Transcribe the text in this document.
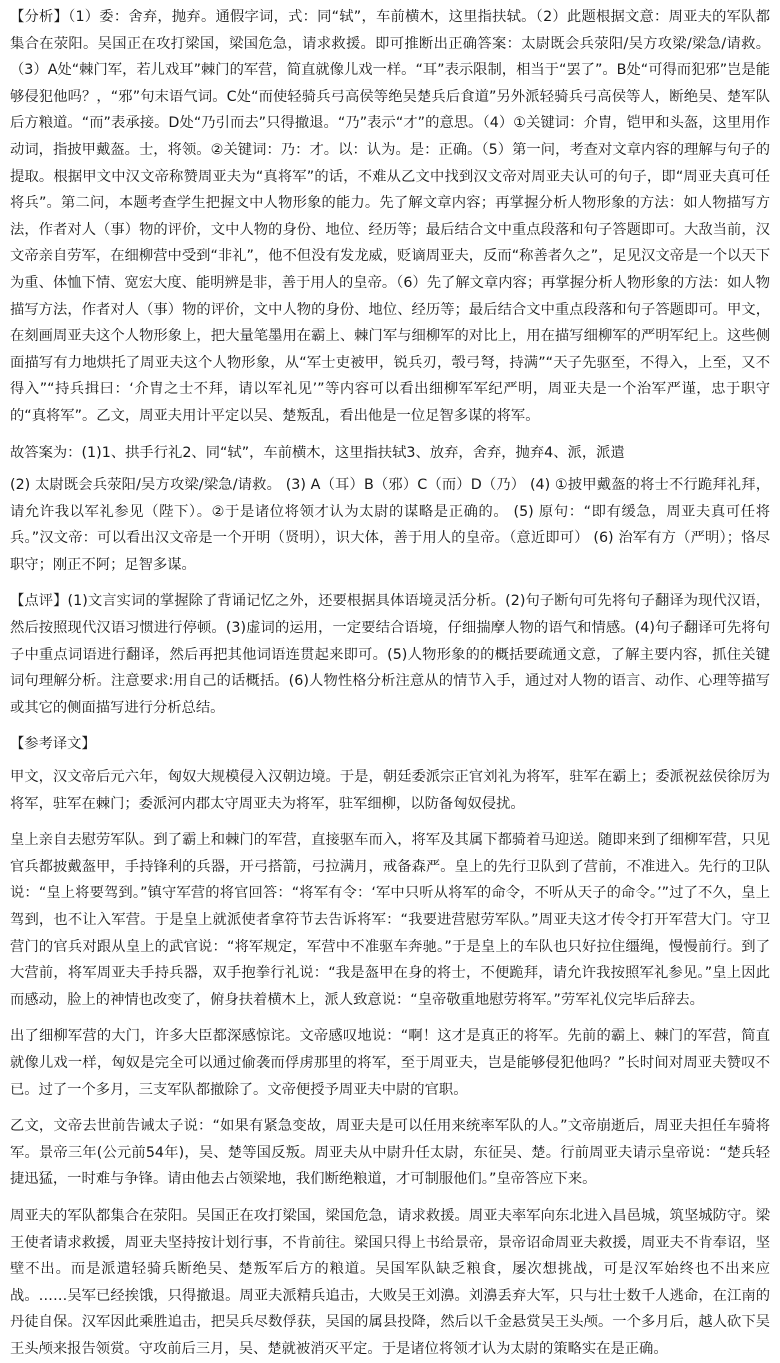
【分析】（1）委：舍弃，抛弃。通假字词，式：同“轼”，车前横木，这里指扶轼。（2）此题根据文意：周亚夫的军队都集合在荥阳。吴国正在攻打梁国，梁国危急，请求救援。即可推断出正确答案：太尉既会兵荥阳/吴方攻梁/梁急/请救。（3）A处“棘门军，若儿戏耳”棘门的军营，简直就像儿戏一样。“耳”表示限制，相当于“罢了”。B处“可得而犯邪”岂是能够侵犯他吗？，“邪”句末语气词。C处“而使轻骑兵弓高侯等绝吴楚兵后食道”另外派轻骑兵弓高侯等人，断绝吴、楚军队后方粮道。“而”表承接。D处“乃引而去”只得撤退。“乃”表示“才”的意思。（4）①关键词：介胄，铠甲和头盔，这里用作动词，指披甲戴盔。士，将领。②关键词：乃：才。以：认为。是：正确。（5）第一问，考查对文章内容的理解与句子的提取。根据甲文中汉文帝称赞周亚夫为“真将军”的话，不难从乙文中找到汉文帝对周亚夫认可的句子，即“周亚夫真可任将兵”。第二问，本题考查学生把握文中人物形象的能力。先了解文章内容；再掌握分析人物形象的方法：如人物描写方法，作者对人（事）物的评价，文中人物的身份、地位、经历等；最后结合文中重点段落和句子答题即可。大敌当前，汉文帝亲自劳军，在细柳营中受到“非礼”，他不但没有发龙威，贬谪周亚夫，反而“称善者久之”，足见汉文帝是一个以天下为重、体恤下情、宽宏大度、能明辨是非，善于用人的皇帝。（6）先了解文章内容；再掌握分析人物形象的方法：如人物描写方法，作者对人（事）物的评价，文中人物的身份、地位、经历等；最后结合文中重点段落和句子答题即可。甲文，在刻画周亚夫这个人物形象上，把大量笔墨用在霸上、棘门军与细柳军的对比上，用在描写细柳军的严明军纪上。这些侧面描写有力地烘托了周亚夫这个人物形象，从“军士吏被甲，锐兵刃，彀弓弩，持满”“天子先驱至，不得入，上至，又不得入”“持兵揖曰：‘介胄之士不拜，请以军礼见’”等内容可以看出细柳军军纪严明，周亚夫是一个治军严谨，忠于职守的“真将军”。乙文，周亚夫用计平定以吴、楚叛乱，看出他是一位足智多谋的将军。

故答案为：(1)1、拱手行礼2、同“轼”，车前横木，这里指扶轼3、放弃，舍弃，抛弃4、派，派遣

(2) 太尉既会兵荥阳/吴方攻梁/梁急/请救。 (3) A（耳）B（邪）C（而）D（乃） (4) ①披甲戴盔的将士不行跪拜礼拜，请允许我以军礼参见（陛下）。②于是诸位将领才认为太尉的谋略是正确的。 (5) 原句：“即有缓急，周亚夫真可任将兵。”汉文帝：可以看出汉文帝是一个开明（贤明），识大体，善于用人的皇帝。（意近即可） (6) 治军有方（严明）；恪尽职守；刚正不阿；足智多谋。

【点评】(1)文言实词的掌握除了背诵记忆之外，还要根据具体语境灵活分析。(2)句子断句可先将句子翻译为现代汉语，然后按照现代汉语习惯进行停顿。(3)虚词的运用，一定要结合语境，仔细揣摩人物的语气和情感。(4)句子翻译可先将句子中重点词语进行翻译，然后再把其他词语连贯起来即可。(5)人物形象的的概括要疏通文意，了解主要内容，抓住关键词句理解分析。注意要求:用自己的话概括。(6)人物性格分析注意从的情节入手，通过对人物的语言、动作、心理等描写或其它的侧面描写进行分析总结。

【参考译文】

甲文，汉文帝后元六年，匈奴大规模侵入汉朝边境。于是，朝廷委派宗正官刘礼为将军，驻军在霸上；委派祝兹侯徐厉为将军，驻军在棘门；委派河内郡太守周亚夫为将军，驻军细柳，以防备匈奴侵扰。

皇上亲自去慰劳军队。到了霸上和棘门的军营，直接驱车而入，将军及其属下都骑着马迎送。随即来到了细柳军营，只见官兵都披戴盔甲，手持锋利的兵器，开弓搭箭，弓拉满月，戒备森严。皇上的先行卫队到了营前，不准进入。先行的卫队说：“皇上将要驾到。”镇守军营的将官回答：“将军有令：‘军中只听从将军的命令，不听从天子的命令。’”过了不久，皇上驾到，也不让入军营。于是皇上就派使者拿符节去告诉将军：“我要进营慰劳军队。”周亚夫这才传令打开军营大门。守卫营门的官兵对跟从皇上的武官说：“将军规定，军营中不准驱车奔驰。”于是皇上的车队也只好拉住缰绳，慢慢前行。到了大营前，将军周亚夫手持兵器，双手抱拳行礼说：“我是盔甲在身的将士，不便跪拜，请允许我按照军礼参见。”皇上因此而感动，脸上的神情也改变了，俯身扶着横木上，派人致意说：“皇帝敬重地慰劳将军。”劳军礼仪完毕后辞去。

出了细柳军营的大门，许多大臣都深感惊诧。文帝感叹地说：“啊！这才是真正的将军。先前的霸上、棘门的军营，简直就像儿戏一样，匈奴是完全可以通过偷袭而俘虏那里的将军，至于周亚夫，岂是能够侵犯他吗？”长时间对周亚夫赞叹不已。过了一个多月，三支军队都撤除了。文帝便授予周亚夫中尉的官职。

乙文，文帝去世前告诫太子说：“如果有紧急变故，周亚夫是可以任用来统率军队的人。”文帝崩逝后，周亚夫担任车骑将军。景帝三年(公元前54年)，吴、楚等国反叛。周亚夫从中尉升任太尉，东征吴、楚。行前周亚夫请示皇帝说：“楚兵轻捷迅猛，一时难与争锋。请由他去占领梁地，我们断绝粮道，才可制服他们。”皇帝答应下来。

周亚夫的军队都集合在荥阳。吴国正在攻打梁国，梁国危急，请求救援。周亚夫率军向东北进入昌邑城，筑坚城防守。梁王使者请求救援，周亚夫坚持按计划行事，不肯前往。梁国只得上书给景帝，景帝诏命周亚夫救援，周亚夫不肯奉诏，坚壁不出。而是派遣轻骑兵断绝吴、楚叛军后方的粮道。吴国军队缺乏粮食，屡次想挑战，可是汉军始终也不出来应战。……吴军已经挨饿，只得撤退。周亚夫派精兵追击，大败吴王刘濞。刘濞丢弃大军，只与壮士数千人逃命，在江南的丹徒自保。汉军因此乘胜追击，把吴兵尽数俘获，吴国的属县投降，然后以千金悬赏吴王头颅。一个多月后，越人砍下吴王头颅来报告领赏。守攻前后三月，吴、楚就被消灭平定。于是诸位将领才认为太尉的策略实在是正确。
